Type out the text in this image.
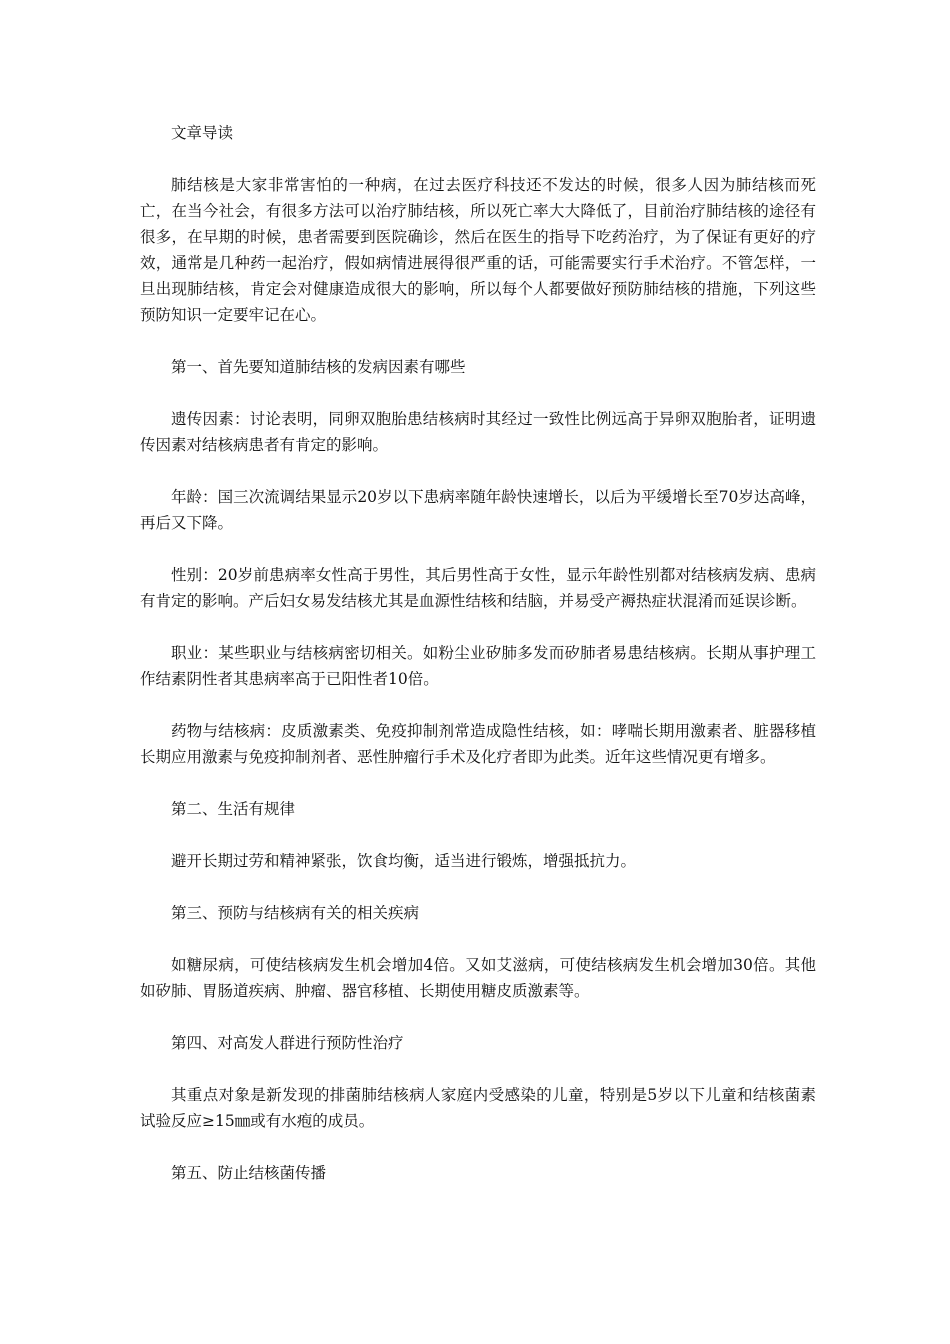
文章导读

肺结核是大家非常害怕的一种病，在过去医疗科技还不发达的时候，很多人因为肺结核而死亡，在当今社会，有很多方法可以治疗肺结核，所以死亡率大大降低了，目前治疗肺结核的途径有很多，在早期的时候，患者需要到医院确诊，然后在医生的指导下吃药治疗，为了保证有更好的疗效，通常是几种药一起治疗，假如病情进展得很严重的话，可能需要实行手术治疗。不管怎样，一旦出现肺结核，肯定会对健康造成很大的影响，所以每个人都要做好预防肺结核的措施，下列这些预防知识一定要牢记在心。

第一、首先要知道肺结核的发病因素有哪些

遗传因素：讨论表明，同卵双胞胎患结核病时其经过一致性比例远高于异卵双胞胎者，证明遗传因素对结核病患者有肯定的影响。

年龄：国三次流调结果显示20岁以下患病率随年龄快速增长，以后为平缓增长至70岁达高峰，再后又下降。

性别：20岁前患病率女性高于男性，其后男性高于女性，显示年龄性别都对结核病发病、患病有肯定的影响。产后妇女易发结核尤其是血源性结核和结脑，并易受产褥热症状混淆而延误诊断。

职业：某些职业与结核病密切相关。如粉尘业矽肺多发而矽肺者易患结核病。长期从事护理工作结素阴性者其患病率高于已阳性者10倍。

药物与结核病：皮质激素类、免疫抑制剂常造成隐性结核，如：哮喘长期用激素者、脏器移植长期应用激素与免疫抑制剂者、恶性肿瘤行手术及化疗者即为此类。近年这些情况更有增多。

第二、生活有规律

避开长期过劳和精神紧张，饮食均衡，适当进行锻炼，增强抵抗力。

第三、预防与结核病有关的相关疾病

如糖尿病，可使结核病发生机会增加4倍。又如艾滋病，可使结核病发生机会增加30倍。其他如矽肺、胃肠道疾病、肿瘤、器官移植、长期使用糖皮质激素等。

第四、对高发人群进行预防性治疗

其重点对象是新发现的排菌肺结核病人家庭内受感染的儿童，特别是5岁以下儿童和结核菌素试验反应≥15㎜或有水疱的成员。

第五、防止结核菌传播
